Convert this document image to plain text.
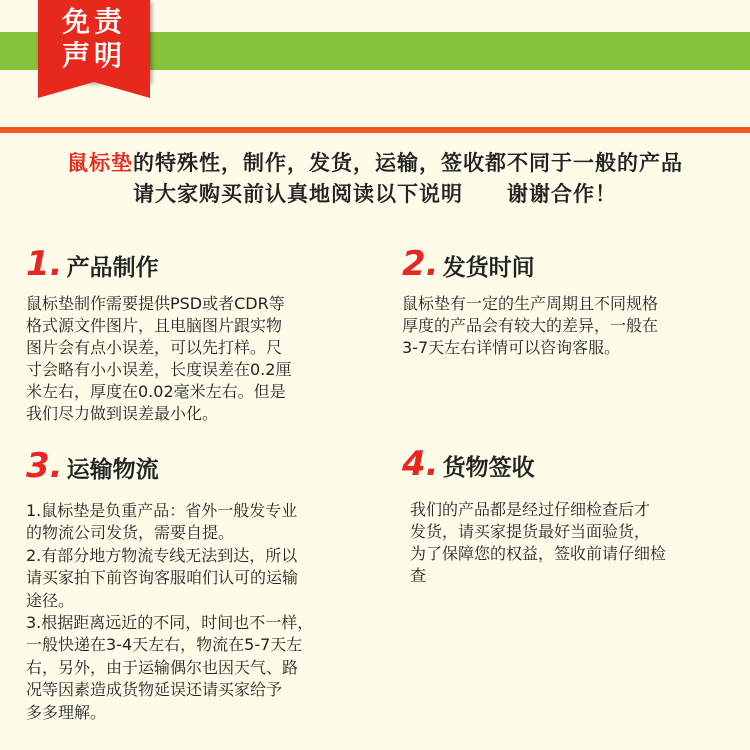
免责
声明
鼠标垫的特殊性，制作，发货，运输，签收都不同于一般的产品
请大家购买前认真地阅读以下说明　　谢谢合作！
1. 产品制作
鼠标垫制作需要提供PSD或者CDR等
格式源文件图片，且电脑图片跟实物
图片会有点小误差，可以先打样。尺
寸会略有小小误差，长度误差在0.2厘
米左右，厚度在0.02毫米左右。但是
我们尽力做到误差最小化。
2. 发货时间
鼠标垫有一定的生产周期且不同规格
厚度的产品会有较大的差异，一般在
3-7天左右详情可以咨询客服。
3. 运输物流
1.鼠标垫是负重产品：省外一般发专业
的物流公司发货，需要自提。
2.有部分地方物流专线无法到达，所以
请买家拍下前咨询客服咱们认可的运输
途径。
3.根据距离远近的不同，时间也不一样，
一般快递在3-4天左右，物流在5-7天左
右，另外，由于运输偶尔也因天气、路
况等因素造成货物延误还请买家给予
多多理解。
4. 货物签收
我们的产品都是经过仔细检查后才
发货，请买家提货最好当面验货，
为了保障您的权益，签收前请仔细检
查
